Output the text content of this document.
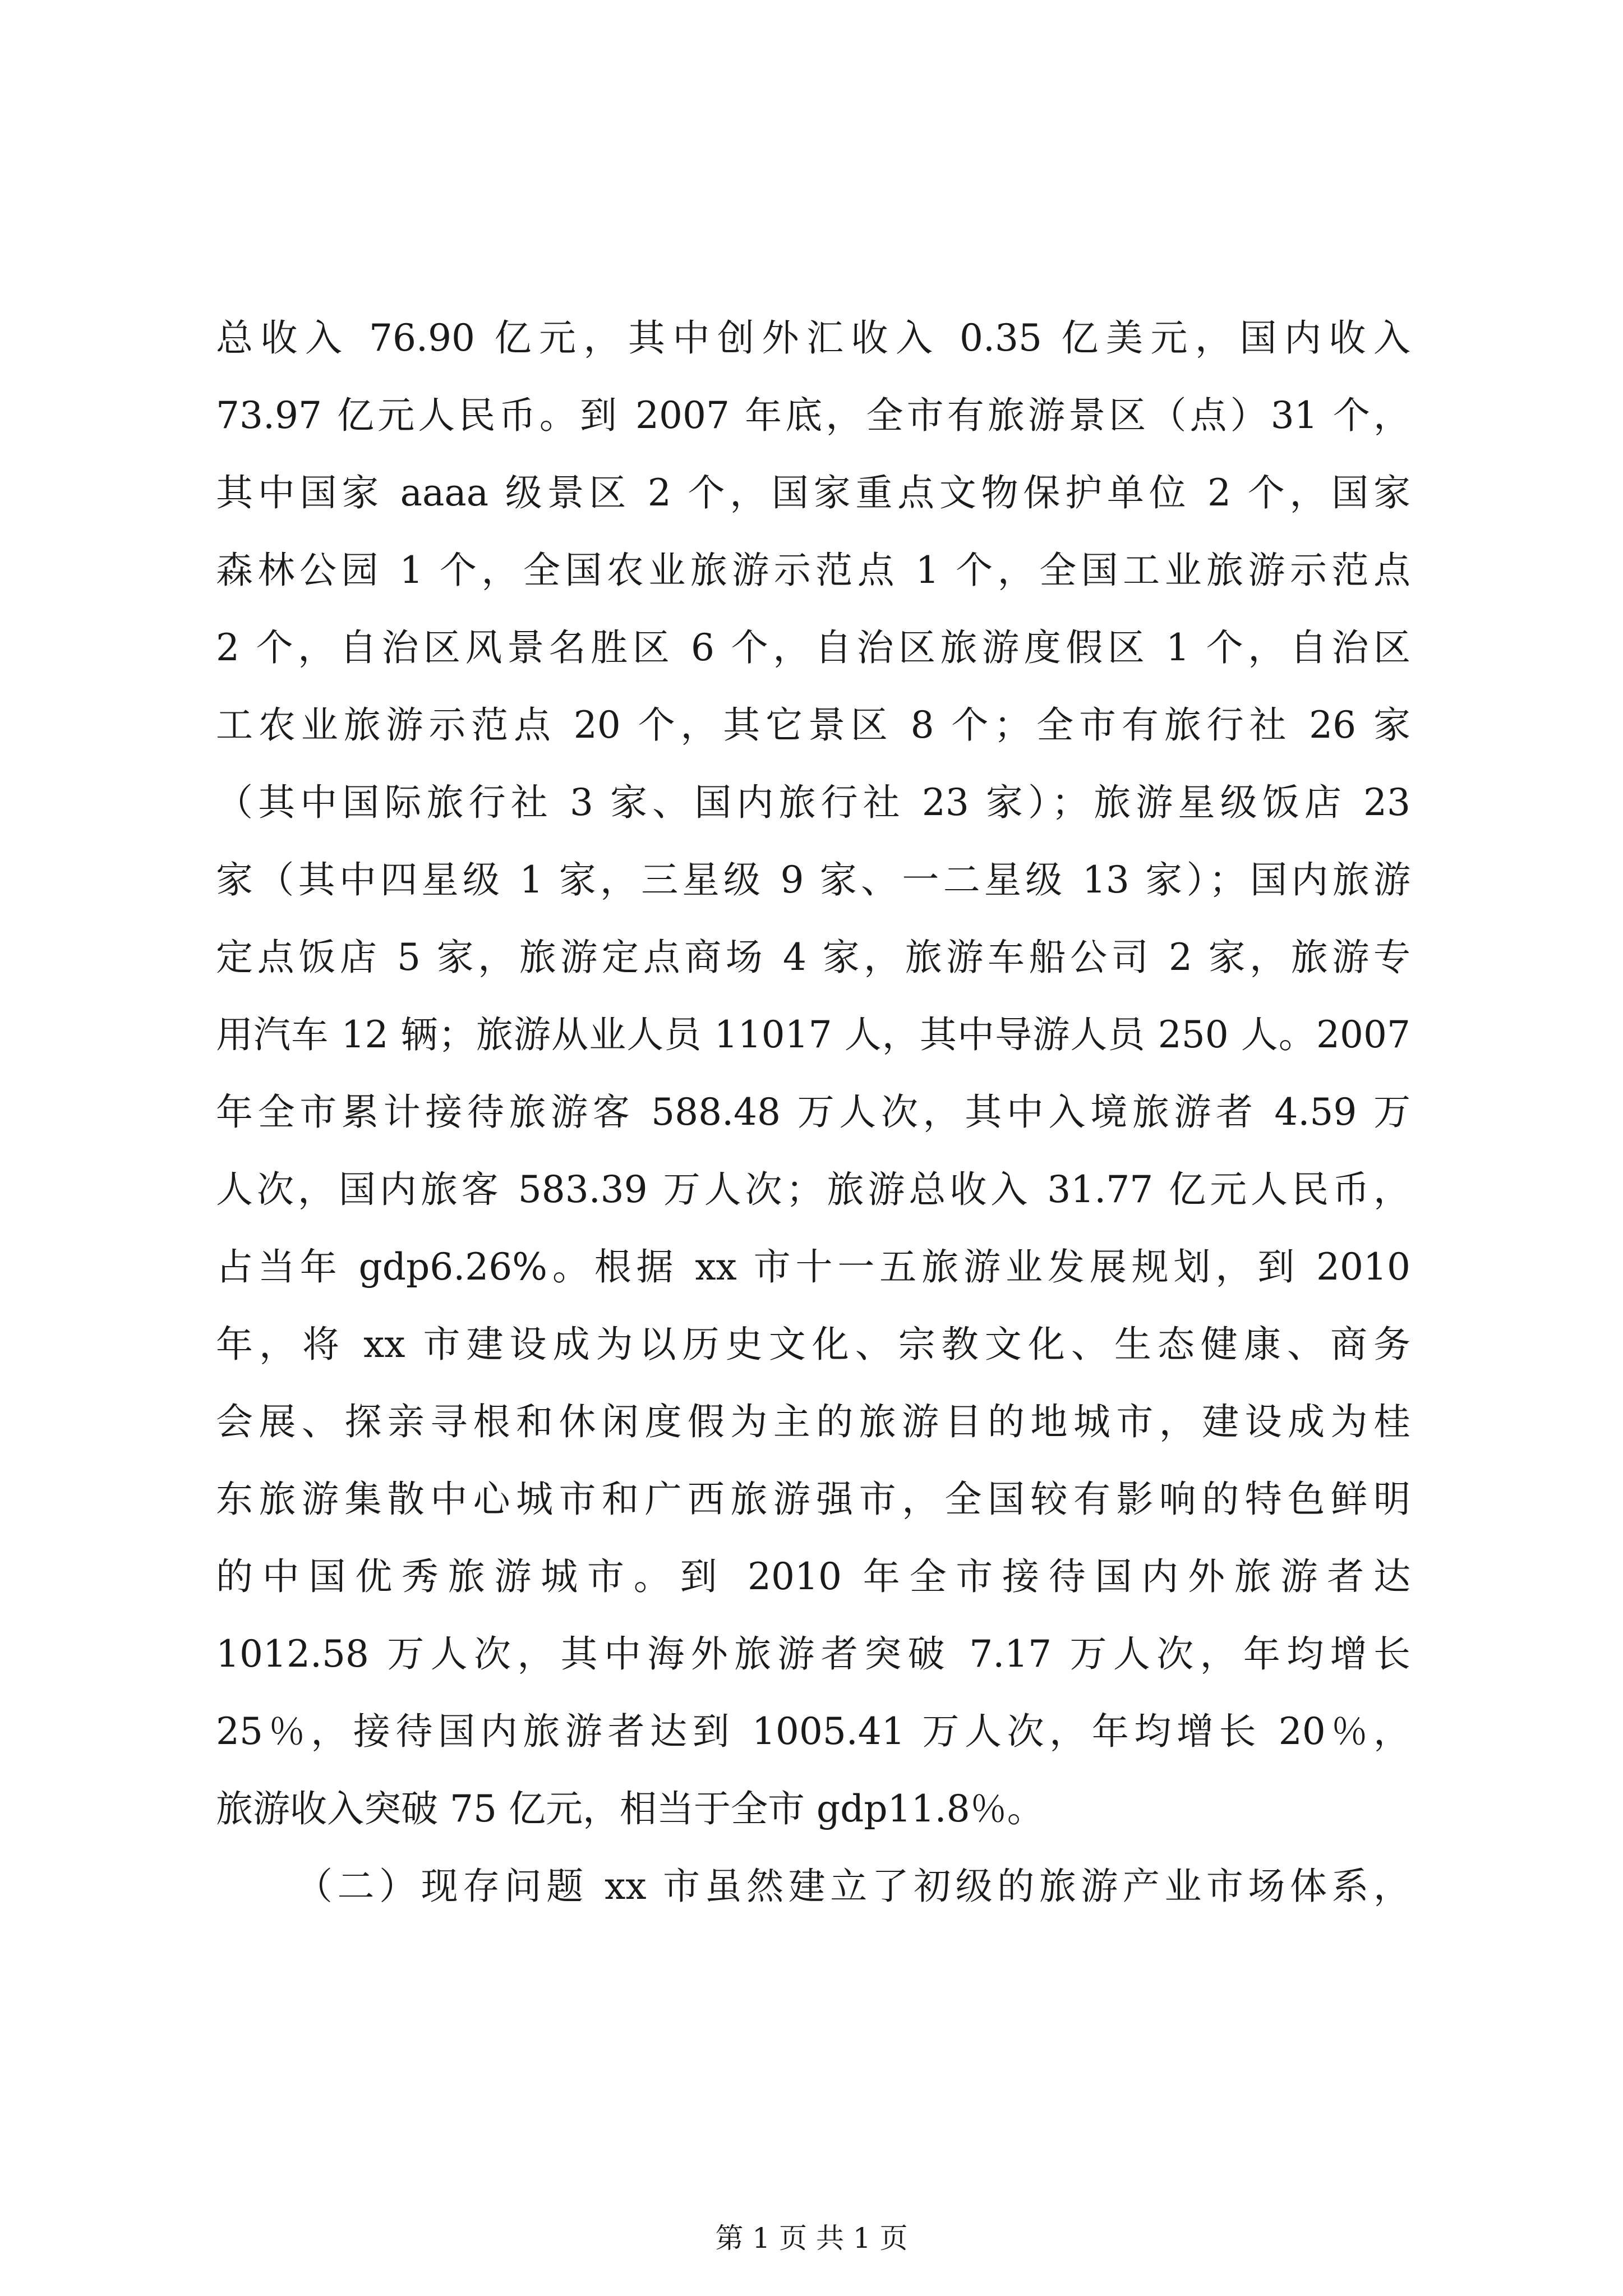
总收入 76.90 亿元，其中创外汇收入 0.35 亿美元，国内收入
73.97 亿元人民币。到 2007 年底，全市有旅游景区（点）31 个，
其中国家 aaaa 级景区 2 个，国家重点文物保护单位 2 个，国家
森林公园 1 个，全国农业旅游示范点 1 个，全国工业旅游示范点
2 个，自治区风景名胜区 6 个，自治区旅游度假区 1 个，自治区
工农业旅游示范点 20 个，其它景区 8 个；全市有旅行社 26 家
（其中国际旅行社 3 家、国内旅行社 23 家）；旅游星级饭店 23
家（其中四星级 1 家，三星级 9 家、一二星级 13 家）；国内旅游
定点饭店 5 家，旅游定点商场 4 家，旅游车船公司 2 家，旅游专
用汽车 12 辆；旅游从业人员 11017 人，其中导游人员 250 人。2007
年全市累计接待旅游客 588.48 万人次，其中入境旅游者 4.59 万
人次，国内旅客 583.39 万人次；旅游总收入 31.77 亿元人民币，
占当年 gdp6.26%。根据 xx 市十一五旅游业发展规划，到 2010
年，将 xx 市建设成为以历史文化、宗教文化、生态健康、商务
会展、探亲寻根和休闲度假为主的旅游目的地城市，建设成为桂
东旅游集散中心城市和广西旅游强市，全国较有影响的特色鲜明
的中国优秀旅游城市。到 2010 年全市接待国内外旅游者达
1012.58 万人次，其中海外旅游者突破 7.17 万人次，年均增长
25％，接待国内旅游者达到 1005.41 万人次，年均增长 20％，
旅游收入突破 75 亿元，相当于全市 gdp11.8％。
（二）现存问题 xx 市虽然建立了初级的旅游产业市场体系，
第 1 页 共 1 页
